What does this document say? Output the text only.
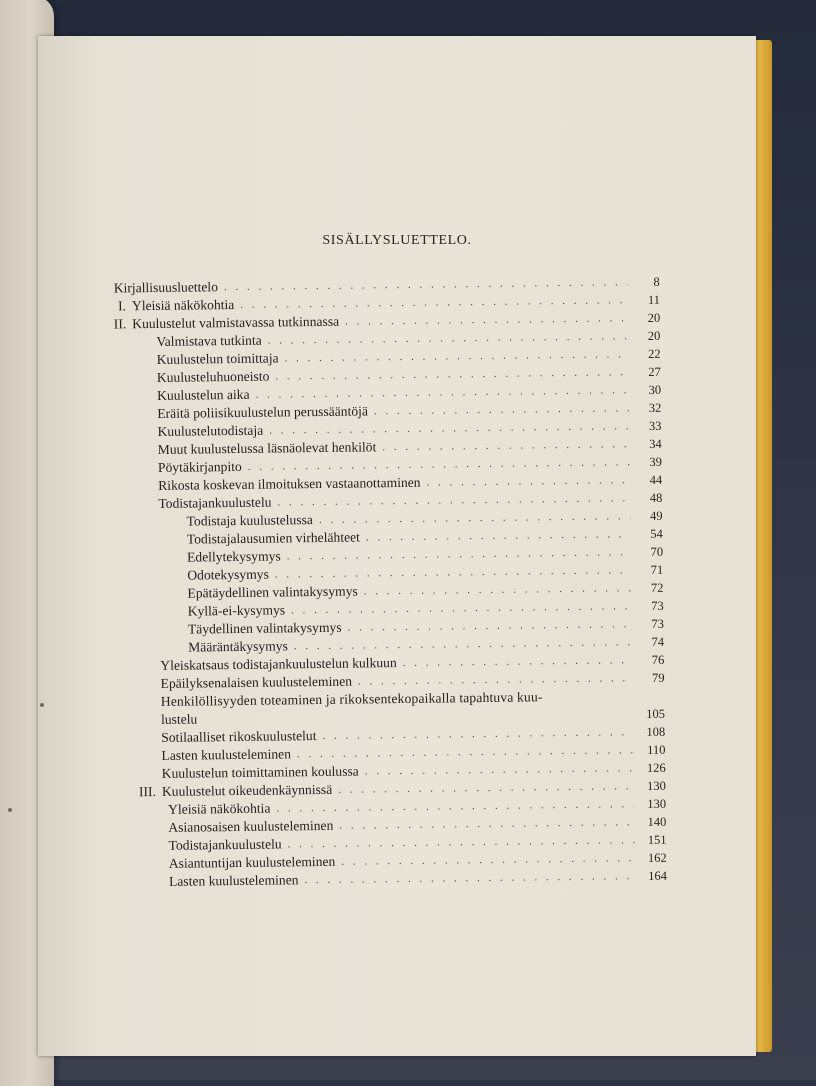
SISÄLLYSLUETTELO.
Kirjallisuusluettelo . . .	8
I. Yleisiä näkökohtia . . .	11
II. Kuulustelut valmistavassa tutkinnassa . . .	20
Valmistava tutkinta . . .	20
Kuulustelun toimittaja . . .	22
Kuulusteluhuoneisto . . .	27
Kuulustelun aika . . .	30
Eräitä poliisikuulustelun perussääntöjä . . .	32
Kuulustelutodistaja . . .	33
Muut kuulustelussa läsnäolevat henkilöt . . .	34
Pöytäkirjanpito . . .	39
Rikosta koskevan ilmoituksen vastaanottaminen . . .	44
Todistajankuulustelu . . .	48
Todistaja kuulustelussa . . .	49
Todistajalausumien virhelähteet . . .	54
Edellytekysymys . . .	70
Odotekysymys . . .	71
Epätäydellinen valintakysymys . . .	72
Kyllä-ei-kysymys . . .	73
Täydellinen valintakysymys . . .	73
Määräntäkysymys . . .	74
Yleiskatsaus todistajankuulustelun kulkuun . . .	76
Epäilyksenalaisen kuulusteleminen . . .	79
Henkilöllisyyden toteaminen ja rikoksentekopaikalla tapahtuva kuu-
lustelu	105
Sotilaalliset rikoskuulustelut . . .	108
Lasten kuulusteleminen . . .	110
Kuulustelun toimittaminen koulussa . . .	126
III. Kuulustelut oikeudenkäynnissä . . .	130
Yleisiä näkökohtia . . .	130
Asianosaisen kuulusteleminen . . .	140
Todistajankuulustelu . . .	151
Asiantuntijan kuulusteleminen . . .	162
Lasten kuulusteleminen . . .	164
